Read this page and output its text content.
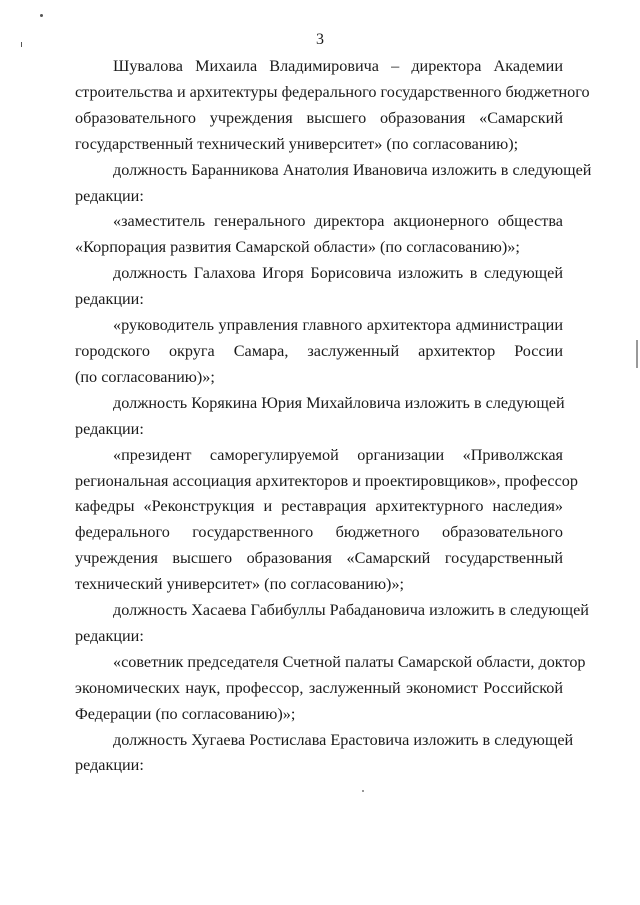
3
Шувалова Михаила Владимировича – директора Академии
строительства и архитектуры федерального государственного бюджетного
образовательного учреждения высшего образования «Самарский
государственный технический университет» (по согласованию);
должность Баранникова Анатолия Ивановича изложить в следующей
редакции:
«заместитель генерального директора акционерного общества
«Корпорация развития Самарской области» (по согласованию)»;
должность Галахова Игоря Борисовича изложить в следующей
редакции:
«руководитель управления главного архитектора администрации
городского округа Самара, заслуженный архитектор России
(по согласованию)»;
должность Корякина Юрия Михайловича изложить в следующей
редакции:
«президент саморегулируемой организации «Приволжская
региональная ассоциация архитекторов и проектировщиков», профессор
кафедры «Реконструкция и реставрация архитектурного наследия»
федерального государственного бюджетного образовательного
учреждения высшего образования «Самарский государственный
технический университет» (по согласованию)»;
должность Хасаева Габибуллы Рабадановича изложить в следующей
редакции:
«советник председателя Счетной палаты Самарской области, доктор
экономических наук, профессор, заслуженный экономист Российской
Федерации (по согласованию)»;
должность Хугаева Ростислава Ерастовича изложить в следующей
редакции:
